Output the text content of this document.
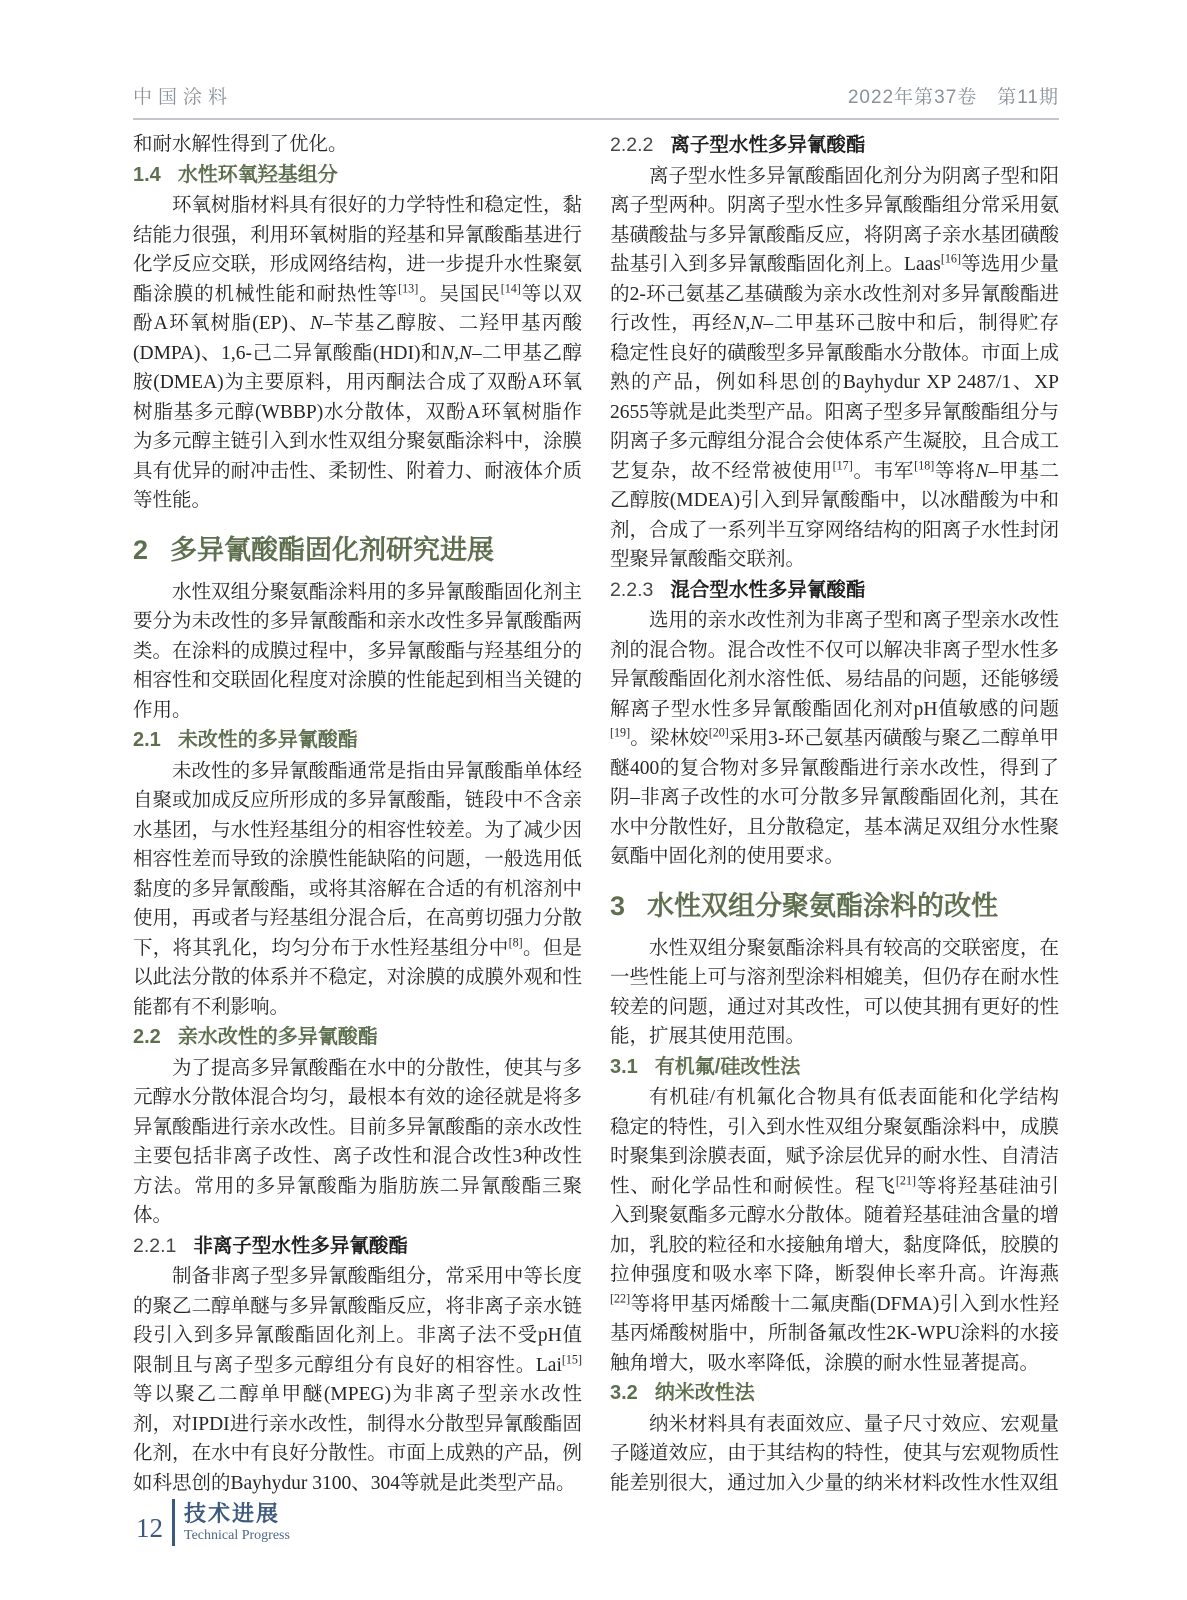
中国涂料	2022年第37卷　第11期

和耐水解性得到了优化。

1.4 水性环氧羟基组分

环氧树脂材料具有很好的力学特性和稳定性，黏结能力很强，利用环氧树脂的羟基和异氰酸酯基进行化学反应交联，形成网络结构，进一步提升水性聚氨酯涂膜的机械性能和耐热性等[13]。吴国民[14]等以双酚A环氧树脂(EP)、N–苄基乙醇胺、二羟甲基丙酸(DMPA)、1,6-己二异氰酸酯(HDI)和N,N–二甲基乙醇胺(DMEA)为主要原料，用丙酮法合成了双酚A环氧树脂基多元醇(WBBP)水分散体，双酚A环氧树脂作为多元醇主链引入到水性双组分聚氨酯涂料中，涂膜具有优异的耐冲击性、柔韧性、附着力、耐液体介质等性能。

2 多异氰酸酯固化剂研究进展

水性双组分聚氨酯涂料用的多异氰酸酯固化剂主要分为未改性的多异氰酸酯和亲水改性多异氰酸酯两类。在涂料的成膜过程中，多异氰酸酯与羟基组分的相容性和交联固化程度对涂膜的性能起到相当关键的作用。

2.1 未改性的多异氰酸酯

未改性的多异氰酸酯通常是指由异氰酸酯单体经自聚或加成反应所形成的多异氰酸酯，链段中不含亲水基团，与水性羟基组分的相容性较差。为了减少因相容性差而导致的涂膜性能缺陷的问题，一般选用低黏度的多异氰酸酯，或将其溶解在合适的有机溶剂中使用，再或者与羟基组分混合后，在高剪切强力分散下，将其乳化，均匀分布于水性羟基组分中[8]。但是以此法分散的体系并不稳定，对涂膜的成膜外观和性能都有不利影响。

2.2 亲水改性的多异氰酸酯

为了提高多异氰酸酯在水中的分散性，使其与多元醇水分散体混合均匀，最根本有效的途径就是将多异氰酸酯进行亲水改性。目前多异氰酸酯的亲水改性主要包括非离子改性、离子改性和混合改性3种改性方法。常用的多异氰酸酯为脂肪族二异氰酸酯三聚体。

2.2.1 非离子型水性多异氰酸酯

制备非离子型多异氰酸酯组分，常采用中等长度的聚乙二醇单醚与多异氰酸酯反应，将非离子亲水链段引入到多异氰酸酯固化剂上。非离子法不受pH值限制且与离子型多元醇组分有良好的相容性。Lai[15]等以聚乙二醇单甲醚(MPEG)为非离子型亲水改性剂，对IPDI进行亲水改性，制得水分散型异氰酸酯固化剂，在水中有良好分散性。市面上成熟的产品，例如科思创的Bayhydur 3100、304等就是此类型产品。

2.2.2 离子型水性多异氰酸酯

离子型水性多异氰酸酯固化剂分为阴离子型和阳离子型两种。阴离子型水性多异氰酸酯组分常采用氨基磺酸盐与多异氰酸酯反应，将阴离子亲水基团磺酸盐基引入到多异氰酸酯固化剂上。Laas[16]等选用少量的2-环己氨基乙基磺酸为亲水改性剂对多异氰酸酯进行改性，再经N,N–二甲基环己胺中和后，制得贮存稳定性良好的磺酸型多异氰酸酯水分散体。市面上成熟的产品，例如科思创的Bayhydur XP 2487/1、XP 2655等就是此类型产品。阳离子型多异氰酸酯组分与阴离子多元醇组分混合会使体系产生凝胶，且合成工艺复杂，故不经常被使用[17]。韦军[18]等将N–甲基二乙醇胺(MDEA)引入到异氰酸酯中，以冰醋酸为中和剂，合成了一系列半互穿网络结构的阳离子水性封闭型聚异氰酸酯交联剂。

2.2.3 混合型水性多异氰酸酯

选用的亲水改性剂为非离子型和离子型亲水改性剂的混合物。混合改性不仅可以解决非离子型水性多异氰酸酯固化剂水溶性低、易结晶的问题，还能够缓解离子型水性多异氰酸酯固化剂对pH值敏感的问题[19]。梁林姣[20]采用3-环己氨基丙磺酸与聚乙二醇单甲醚400的复合物对多异氰酸酯进行亲水改性，得到了阴–非离子改性的水可分散多异氰酸酯固化剂，其在水中分散性好，且分散稳定，基本满足双组分水性聚氨酯中固化剂的使用要求。

3 水性双组分聚氨酯涂料的改性

水性双组分聚氨酯涂料具有较高的交联密度，在一些性能上可与溶剂型涂料相媲美，但仍存在耐水性较差的问题，通过对其改性，可以使其拥有更好的性能，扩展其使用范围。

3.1 有机氟/硅改性法

有机硅/有机氟化合物具有低表面能和化学结构稳定的特性，引入到水性双组分聚氨酯涂料中，成膜时聚集到涂膜表面，赋予涂层优异的耐水性、自清洁性、耐化学品性和耐候性。程飞[21]等将羟基硅油引入到聚氨酯多元醇水分散体。随着羟基硅油含量的增加，乳胶的粒径和水接触角增大，黏度降低，胶膜的拉伸强度和吸水率下降，断裂伸长率升高。许海燕[22]等将甲基丙烯酸十二氟庚酯(DFMA)引入到水性羟基丙烯酸树脂中，所制备氟改性2K-WPU涂料的水接触角增大，吸水率降低，涂膜的耐水性显著提高。

3.2 纳米改性法

纳米材料具有表面效应、量子尺寸效应、宏观量子隧道效应，由于其结构的特性，使其与宏观物质性能差别很大，通过加入少量的纳米材料改性水性双组

12 技术进展
Technical Progress
